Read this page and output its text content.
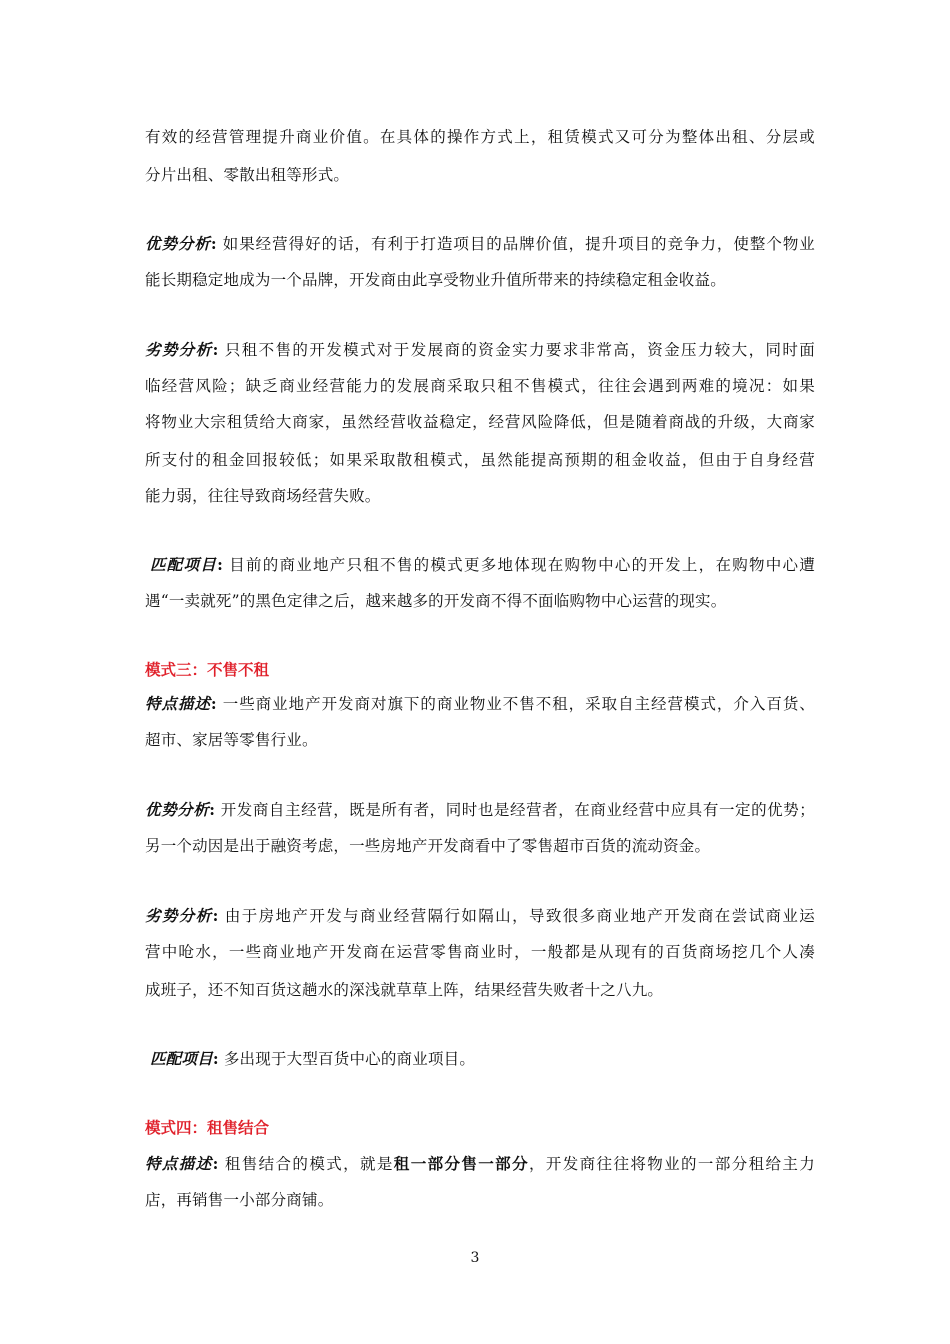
有效的经营管理提升商业价值。在具体的操作方式上，租赁模式又可分为整体出租、分层或
分片出租、零散出租等形式。
优势分析: 如果经营得好的话，有利于打造项目的品牌价值，提升项目的竞争力，使整个物业
能长期稳定地成为一个品牌，开发商由此享受物业升值所带来的持续稳定租金收益。
劣势分析: 只租不售的开发模式对于发展商的资金实力要求非常高，资金压力较大，同时面
临经营风险；缺乏商业经营能力的发展商采取只租不售模式，往往会遇到两难的境况：如果
将物业大宗租赁给大商家，虽然经营收益稳定，经营风险降低，但是随着商战的升级，大商家
所支付的租金回报较低；如果采取散租模式，虽然能提高预期的租金收益，但由于自身经营
能力弱，往往导致商场经营失败。
匹配项目: 目前的商业地产只租不售的模式更多地体现在购物中心的开发上，在购物中心遭
遇“一卖就死”的黑色定律之后，越来越多的开发商不得不面临购物中心运营的现实。
模式三：不售不租
特点描述: 一些商业地产开发商对旗下的商业物业不售不租，采取自主经营模式，介入百货、
超市、家居等零售行业。
优势分析: 开发商自主经营，既是所有者，同时也是经营者，在商业经营中应具有一定的优势；
另一个动因是出于融资考虑，一些房地产开发商看中了零售超市百货的流动资金。
劣势分析: 由于房地产开发与商业经营隔行如隔山，导致很多商业地产开发商在尝试商业运
营中呛水，一些商业地产开发商在运营零售商业时，一般都是从现有的百货商场挖几个人凑
成班子，还不知百货这趟水的深浅就草草上阵，结果经营失败者十之八九。
匹配项目: 多出现于大型百货中心的商业项目。
模式四：租售结合
特点描述: 租售结合的模式，就是租一部分售一部分，开发商往往将物业的一部分租给主力
店，再销售一小部分商铺。
3
